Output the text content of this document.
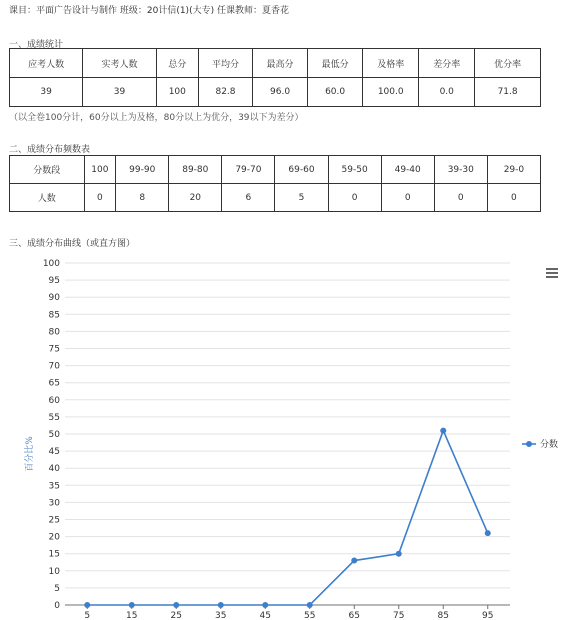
课目：平面广告设计与制作 班级：20计信(1)(大专) 任课教师：夏香花
一、成绩统计
应考人数	实考人数	总分	平均分	最高分	最低分	及格率	差分率	优分率
39	39	100	82.8	96.0	60.0	100.0	0.0	71.8
（以全卷100分计，60分以上为及格，80分以上为优分，39以下为差分）
二、成绩分布频数表
分数段	100	99-90	89-80	79-70	69-60	59-50	49-40	39-30	29-0
人数	0	8	20	6	5	0	0	0	0
三、成绩分布曲线（或直方图）
0
5
10
15
20
25
30
35
40
45
50
55
60
65
70
75
80
85
90
95
100
5	15	25	35	45	55	65	75	85	95
百分比%	分数
